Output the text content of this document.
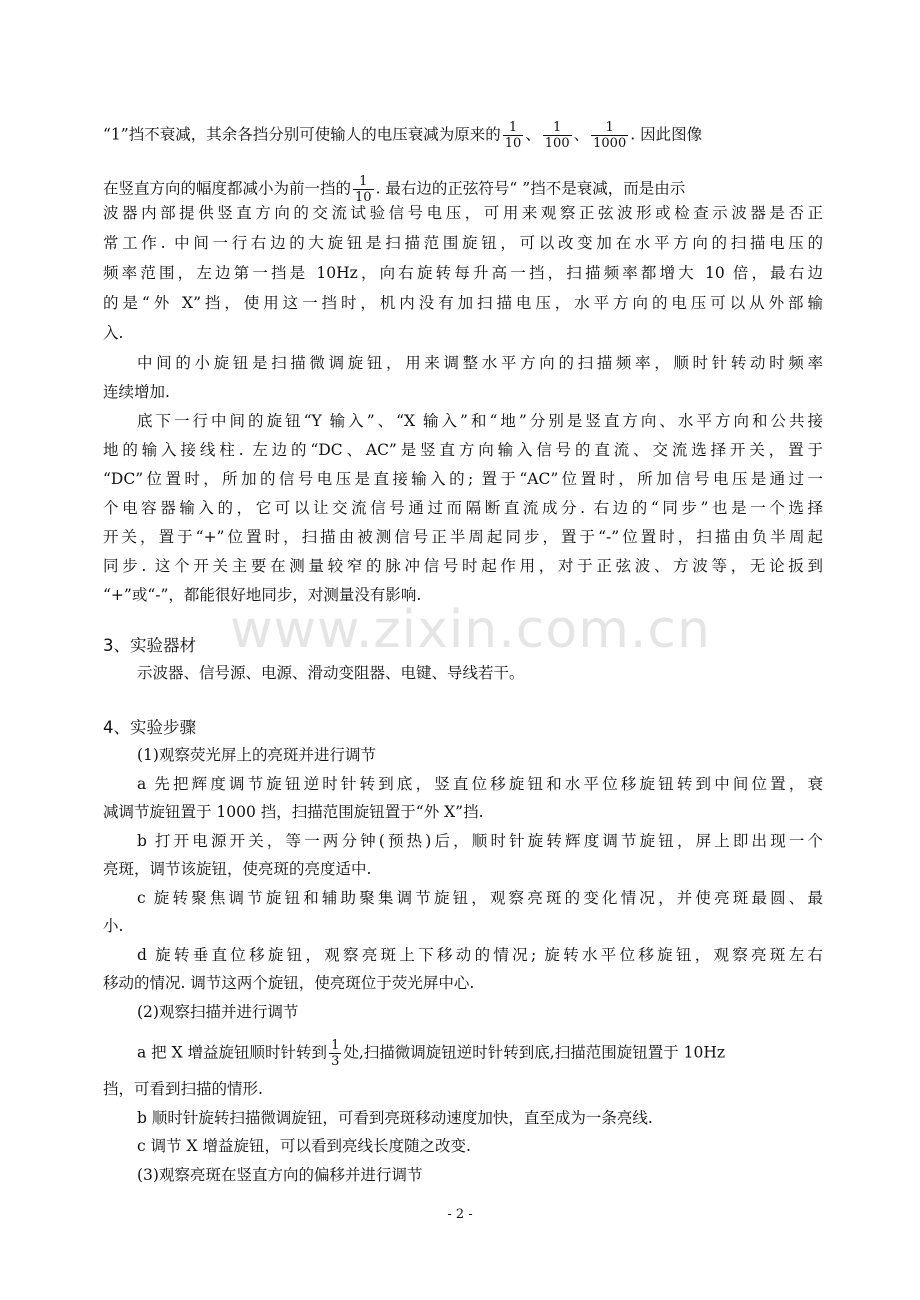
“1”挡不衰减，其余各挡分别可使输人的电压衰减为原来的 $\frac{1}{10}$ 、 $\frac{1}{100}$ 、 $\frac{1}{1000}$ . 因此图像
在竖直方向的幅度都减小为前一挡的 $\frac{1}{10}$ . 最右边的正弦符号“ ”挡不是衰减，而是由示
波器内部提供竖直方向的交流试验信号电压，可用来观察正弦波形或检查示波器是否正
常工作. 中间一行右边的大旋钮是扫描范围旋钮，可以改变加在水平方向的扫描电压的
频率范围，左边第一挡是 10Hz，向右旋转每升高一挡，扫描频率都增大 10 倍，最右边
的是“外 X”挡，使用这一挡时，机内没有加扫描电压，水平方向的电压可以从外部输
入.
中间的小旋钮是扫描微调旋钮，用来调整水平方向的扫描频率，顺时针转动时频率
连续增加.
底下一行中间的旋钮“Y 输入”、“X 输入”和“地”分别是竖直方向、水平方向和公共接
地的输入接线柱. 左边的“DC、AC”是竖直方向输入信号的直流、交流选择开关，置于
“DC”位置时，所加的信号电压是直接输入的; 置于“AC”位置时，所加信号电压是通过一
个电容器输入的，它可以让交流信号通过而隔断直流成分. 右边的“同步”也是一个选择
开关，置于“+”位置时，扫描由被测信号正半周起同步，置于“-”位置时，扫描由负半周起
同步. 这个开关主要在测量较窄的脉冲信号时起作用，对于正弦波、方波等，无论扳到
“+”或“-”，都能很好地同步，对测量没有影响.
www.zixin.com.cn
3、实验器材
示波器、信号源、电源、滑动变阻器、电键、导线若干。
4、实验步骤
(1)观察荧光屏上的亮斑并进行调节
a 先把辉度调节旋钮逆时针转到底，竖直位移旋钮和水平位移旋钮转到中间位置，衰
减调节旋钮置于 1000 挡，扫描范围旋钮置于“外 X”挡.
b 打开电源开关，等一两分钟(预热)后，顺时针旋转辉度调节旋钮，屏上即出现一个
亮斑，调节该旋钮，使亮斑的亮度适中.
c 旋转聚焦调节旋钮和辅助聚集调节旋钮，观察亮斑的变化情况，并使亮斑最圆、最
小.
d 旋转垂直位移旋钮，观察亮斑上下移动的情况; 旋转水平位移旋钮，观察亮斑左右
移动的情况. 调节这两个旋钮，使亮斑位于荧光屏中心.
(2)观察扫描并进行调节
a 把 X 增益旋钮顺时针转到 $\frac{1}{3}$ 处,扫描微调旋钮逆时针转到底,扫描范围旋钮置于 10Hz
挡，可看到扫描的情形.
b 顺时针旋转扫描微调旋钮，可看到亮斑移动速度加快，直至成为一条亮线.
c 调节 X 增益旋钮，可以看到亮线长度随之改变.
(3)观察亮斑在竖直方向的偏移并进行调节
- 2 -
